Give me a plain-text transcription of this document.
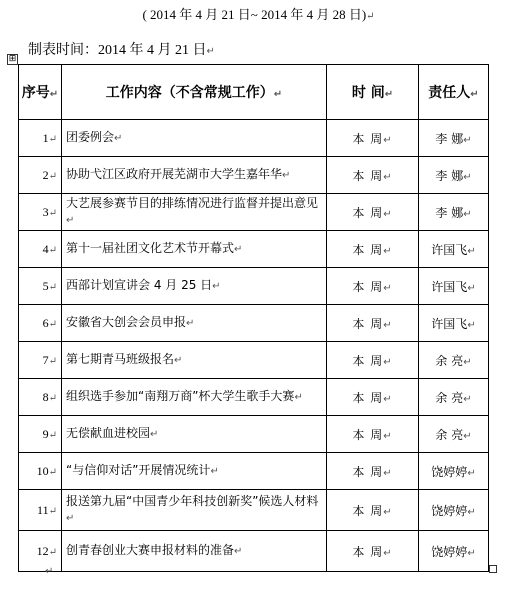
( 2014 年 4 月 21 日~ 2014 年 4 月 28 日)↵
⊞
制表时间：2014 年 4 月 21 日↵
序号↵	工作内容（不含常规工作）↵	时 间↵	责任人↵
1↵	团委例会↵	本 周↵	李 娜↵
2↵	协助弋江区政府开展芜湖市大学生嘉年华↵	本 周↵	李 娜↵
3↵	大艺展参赛节目的排练情况进行监督并提出意见↵	本 周↵	李 娜↵
4↵	第十一届社团文化艺术节开幕式↵	本 周↵	许国飞↵
5↵	西部计划宣讲会 4 月 25 日↵	本 周↵	许国飞↵
6↵	安徽省大创会会员申报↵	本 周↵	许国飞↵
7↵	第七期青马班级报名↵	本 周↵	余 亮↵
8↵	组织选手参加“南翔万商”杯大学生歌手大赛↵	本 周↵	余 亮↵
9↵	无偿献血进校园↵	本 周↵	余 亮↵
10↵	“与信仰对话”开展情况统计↵	本 周↵	饶婷婷↵
11↵	报送第九届“中国青少年科技创新奖”候选人材料↵	本 周↵	饶婷婷↵
12↵	创青春创业大赛申报材料的准备↵	本 周↵	饶婷婷↵
↵
